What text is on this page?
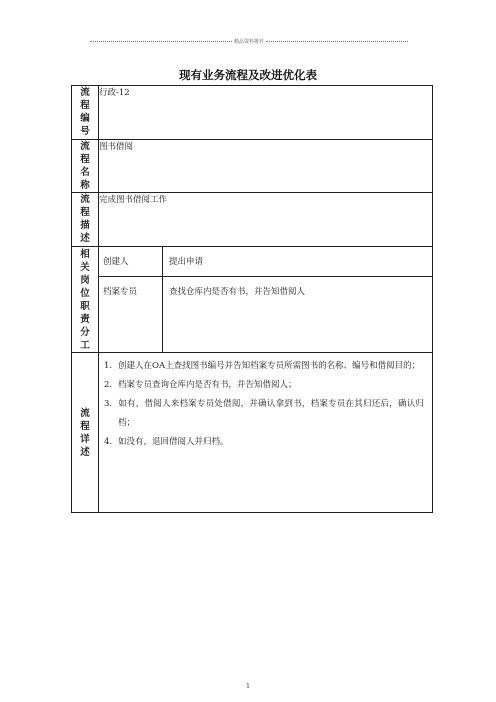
精品资料推荐
现有业务流程及改进优化表
流
程
编
号
	行政-12

流
程
名
称
	图书借阅

流
程
描
述
	完成图书借阅工作

相
关
岗
位
职
责
分
工

创建人	提出申请
档案专员	查找仓库内是否有书，并告知借阅人

流
程
详
述

1. 创建人在OA上查找图书编号并告知档案专员所需图书的名称、编号和借阅目的；
2. 档案专员查询仓库内是否有书，并告知借阅人；
3. 如有，借阅人来档案专员处借阅，并确认拿到书，档案专员在其归还后，确认归档；
4. 如没有，退回借阅人并归档。
1
